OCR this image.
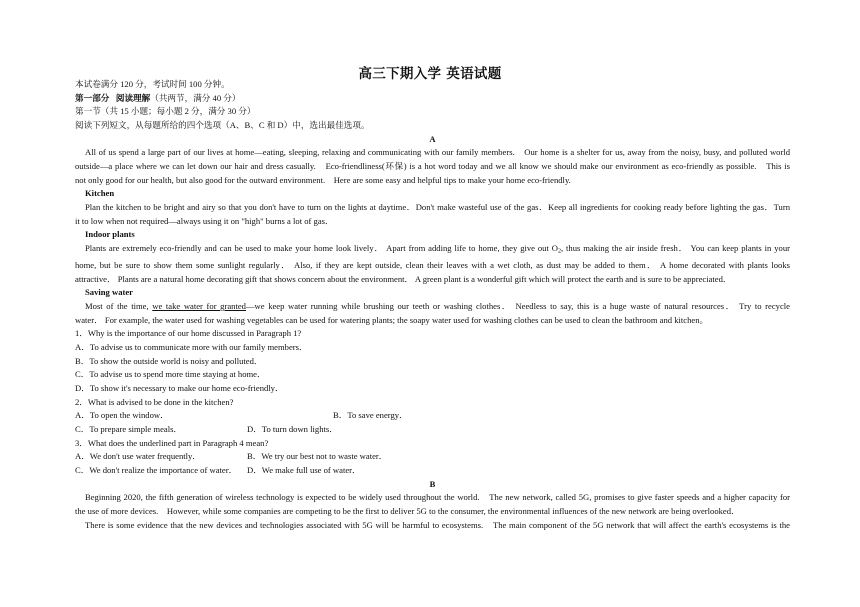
高三下期入学 英语试题
本试卷满分 120 分，考试时间 100 分钟。
第一部分 阅读理解（共两节，满分 40 分）
第一节（共 15 小题；每小题 2 分，满分 30 分）
阅读下列短文，从每题所给的四个选项（A、B、C 和 D）中，选出最佳选项。
A
All of us spend a large part of our lives at home—eating, sleeping, relaxing and communicating with our family members.　Our home is a shelter for us, away from the noisy, busy, and polluted world
outside—a place where we can let down our hair and dress casually.　Eco-friendliness(环保) is a hot word today and we all know we should make our environment as eco-friendly as possible.　This is
not only good for our health, but also good for the outward environment.　Here are some easy and helpful tips to make your home eco-friendly.
Kitchen
Plan the kitchen to be bright and airy so that you don't have to turn on the lights at daytime．Don't make wasteful use of the gas．Keep all ingredients for cooking ready before lighting the gas．Turn
it to low when not required—always using it on "high" burns a lot of gas．
Indoor plants
Plants are extremely eco-friendly and can be used to make your home look lively． Apart from adding life to home, they give out $O_2$, thus making the air inside fresh． You can keep plants in your
home, but be sure to show them some sunlight regularly． Also, if they are kept outside, clean their leaves with a wet cloth, as dust may be added to them． A home decorated with plants looks
attractive． Plants are a natural home decorating gift that shows concern about the environment． A green plant is a wonderful gift which will protect the earth and is sure to be appreciated．
Saving water
Most of the time, we take water for granted—we keep water running while brushing our teeth or washing clothes． Needless to say, this is a huge waste of natural resources． Try to recycle
water． For example, the water used for washing vegetables can be used for watering plants; the soapy water used for washing clothes can be used to clean the bathroom and kitchen。
1．Why is the importance of our home discussed in Paragraph 1?
A．To advise us to communicate more with our family members．
B．To show the outside world is noisy and polluted．
C．To advise us to spend more time staying at home．
D．To show it's necessary to make our home eco-friendly．
2．What is advised to be done in the kitchen?
A．To open the window．	B．To save energy．
C．To prepare simple meals．	D．To turn down lights．
3．What does the underlined part in Paragraph 4 mean?
A．We don't use water frequently．	B．We try our best not to waste water．
C．We don't realize the importance of water．	D．We make full use of water．
B
Beginning 2020, the fifth generation of wireless technology is expected to be widely used throughout the world.　The new network, called 5G, promises to give faster speeds and a higher capacity for
the use of more devices.　However, while some companies are competing to be the first to deliver 5G to the consumer, the environmental influences of the new network are being overlooked．
There is some evidence that the new devices and technologies associated with 5G will be harmful to ecosystems.　The main component of the 5G network that will affect the earth's ecosystems is the
